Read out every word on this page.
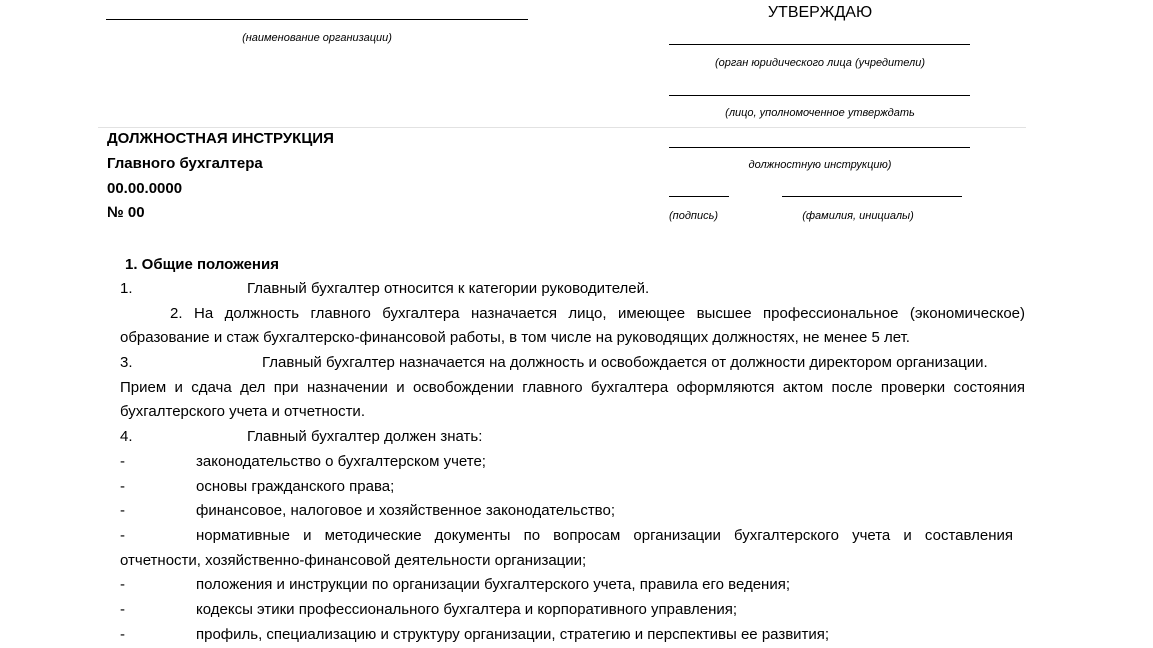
(наименование организации)
УТВЕРЖДАЮ
(орган юридического лица (учредители)
(лицо, уполномоченное утверждать
должностную инструкцию)
(подпись)	(фамилия, инициалы)
ДОЛЖНОСТНАЯ ИНСТРУКЦИЯ
Главного бухгалтера
00.00.0000
№ 00
1. Общие положения
1.	Главный бухгалтер относится к категории руководителей.
2. На должность главного бухгалтера назначается лицо, имеющее высшее профессиональное (экономическое)
образование и стаж бухгалтерско-финансовой работы, в том числе на руководящих должностях, не менее 5 лет.
3.	Главный бухгалтер назначается на должность и освобождается от должности директором организации.
Прием и сдача дел при назначении и освобождении главного бухгалтера оформляются актом после проверки состояния
бухгалтерского учета и отчетности.
4.	Главный бухгалтер должен знать:
-	законодательство о бухгалтерском учете;
-	основы гражданского права;
-	финансовое, налоговое и хозяйственное законодательство;
-	нормативные и методические документы по вопросам организации бухгалтерского учета и составления
отчетности, хозяйственно-финансовой деятельности организации;
-	положения и инструкции по организации бухгалтерского учета, правила его ведения;
-	кодексы этики профессионального бухгалтера и корпоративного управления;
-	профиль, специализацию и структуру организации, стратегию и перспективы ее развития;
